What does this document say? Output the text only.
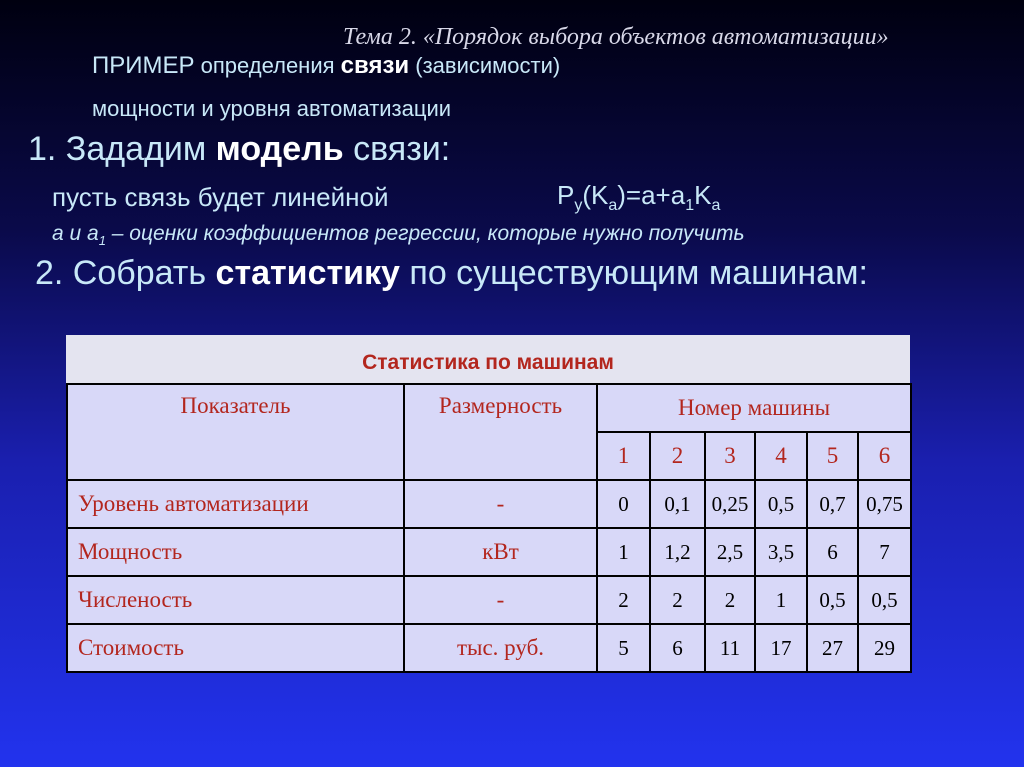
Тема 2. «Порядок выбора объектов автоматизации»
ПРИМЕР определения связи (зависимости)
мощности и уровня автоматизации
1. Зададим модель связи:
пусть связь будет линейной	$P_y(K_a)=a+a_1K_a$
a и $a_1$ – оценки коэффициентов регрессии, которые нужно получить
2. Собрать статистику по существующим машинам:
Статистика по машинам
Показатель	Размерность	Номер машины					
		1	2	3	4	5	6
Уровень автоматизации	-	0	0,1	0,25	0,5	0,7	0,75
Мощность	кВт	1	1,2	2,5	3,5	6	7
Численость	-	2	2	2	1	0,5	0,5
Стоимость	тыс. руб.	5	6	11	17	27	29
